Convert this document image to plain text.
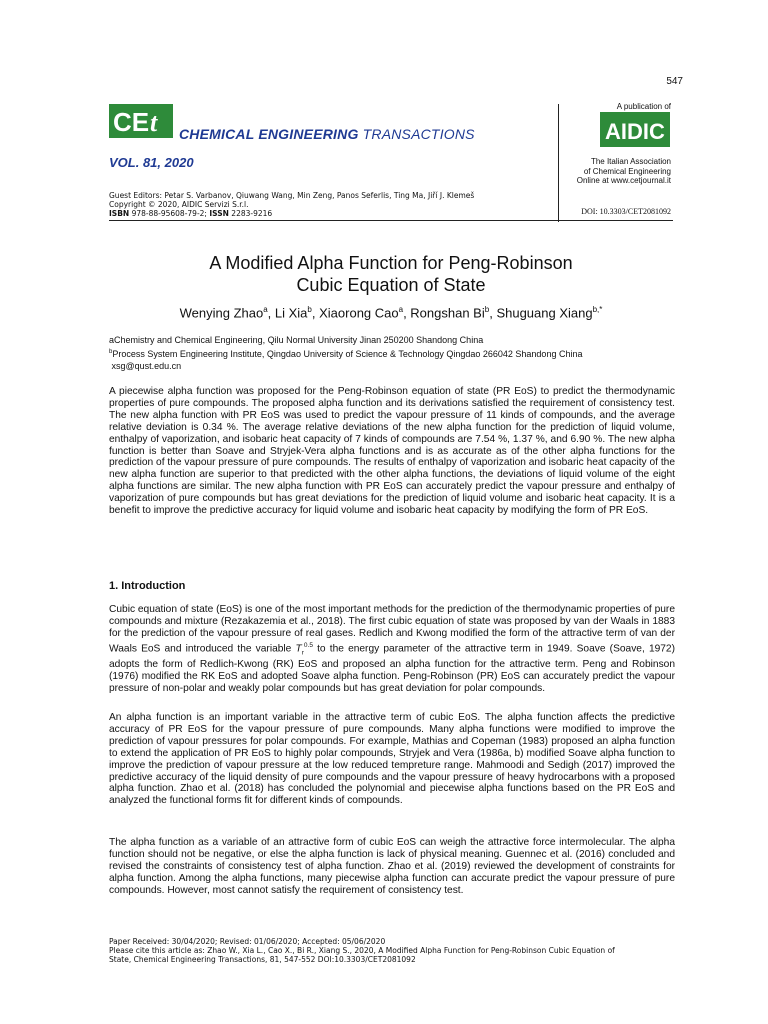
547
CE t CHEMICAL ENGINEERING TRANSACTIONS
VOL. 81, 2020
A publication of
AIDIC
The Italian Association
of Chemical Engineering
Online at www.cetjournal.it
Guest Editors: Petar S. Varbanov, Qiuwang Wang, Min Zeng, Panos Seferlis, Ting Ma, Jiří J. Klemeš
Copyright © 2020, AIDIC Servizi S.r.l.
ISBN 978-88-95608-79-2; ISSN 2283-9216	DOI: 10.3303/CET2081092
A Modified Alpha Function for Peng-Robinson
Cubic Equation of State
Wenying Zhao$^a$, Li Xia$^b$, Xiaorong Cao$^a$, Rongshan Bi$^b$, Shuguang Xiang$^{b,*}$
aChemistry and Chemical Engineering, Qilu Normal University Jinan 250200 Shandong China
$^b$Process System Engineering Institute, Qingdao University of Science & Technology Qingdao 266042 Shandong China
xsg@qust.edu.cn
A piecewise alpha function was proposed for the Peng-Robinson equation of state (PR EoS) to predict the thermodynamic properties of pure compounds. The proposed alpha function and its derivations satisfied the requirement of consistency test. The new alpha function with PR EoS was used to predict the vapour pressure of 11 kinds of compounds, and the average relative deviation is 0.34 %. The average relative deviations of the new alpha function for the prediction of liquid volume, enthalpy of vaporization, and isobaric heat capacity of 7 kinds of compounds are 7.54 %, 1.37 %, and 6.90 %. The new alpha function is better than Soave and Stryjek-Vera alpha functions and is as accurate as of the other alpha functions for the prediction of the vapour pressure of pure compounds. The results of enthalpy of vaporization and isobaric heat capacity of the new alpha function are superior to that predicted with the other alpha functions, the deviations of liquid volume of the eight alpha functions are similar. The new alpha function with PR EoS can accurately predict the vapour pressure and enthalpy of vaporization of pure compounds but has great deviations for the prediction of liquid volume and isobaric heat capacity. It is a benefit to improve the predictive accuracy for liquid volume and isobaric heat capacity by modifying the form of PR EoS.
1. Introduction
Cubic equation of state (EoS) is one of the most important methods for the prediction of the thermodynamic properties of pure compounds and mixture (Rezakazemia et al., 2018). The first cubic equation of state was proposed by van der Waals in 1883 for the prediction of the vapour pressure of real gases. Redlich and Kwong modified the form of the attractive term of van der Waals EoS and introduced the variable $T_r^{0.5}$ to the energy parameter of the attractive term in 1949. Soave (Soave, 1972) adopts the form of Redlich-Kwong (RK) EoS and proposed an alpha function for the attractive term. Peng and Robinson (1976) modified the RK EoS and adopted Soave alpha function. Peng-Robinson (PR) EoS can accurately predict the vapour pressure of non-polar and weakly polar compounds but has great deviation for polar compounds.
An alpha function is an important variable in the attractive term of cubic EoS. The alpha function affects the predictive accuracy of PR EoS for the vapour pressure of pure compounds. Many alpha functions were modified to improve the prediction of vapour pressures for polar compounds. For example, Mathias and Copeman (1983) proposed an alpha function to extend the application of PR EoS to highly polar compounds, Stryjek and Vera (1986a, b) modified Soave alpha function to improve the prediction of vapour pressure at the low reduced tempreture range. Mahmoodi and Sedigh (2017) improved the predictive accuracy of the liquid density of pure compounds and the vapour pressure of heavy hydrocarbons with a proposed alpha function. Zhao et al. (2018) has concluded the polynomial and piecewise alpha functions based on the PR EoS and analyzed the functional forms fit for different kinds of compounds.
The alpha function as a variable of an attractive form of cubic EoS can weigh the attractive force intermolecular. The alpha function should not be negative, or else the alpha function is lack of physical meaning. Guennec et al. (2016) concluded and revised the constraints of consistency test of alpha function. Zhao et al. (2019) reviewed the development of constraints for alpha function. Among the alpha functions, many piecewise alpha function can accurate predict the vapour pressure of pure compounds. However, most cannot satisfy the requirement of consistency test.
Paper Received: 30/04/2020; Revised: 01/06/2020; Accepted: 05/06/2020
Please cite this article as: Zhao W., Xia L., Cao X., Bi R., Xiang S., 2020, A Modified Alpha Function for Peng-Robinson Cubic Equation of
State, Chemical Engineering Transactions, 81, 547-552 DOI:10.3303/CET2081092
